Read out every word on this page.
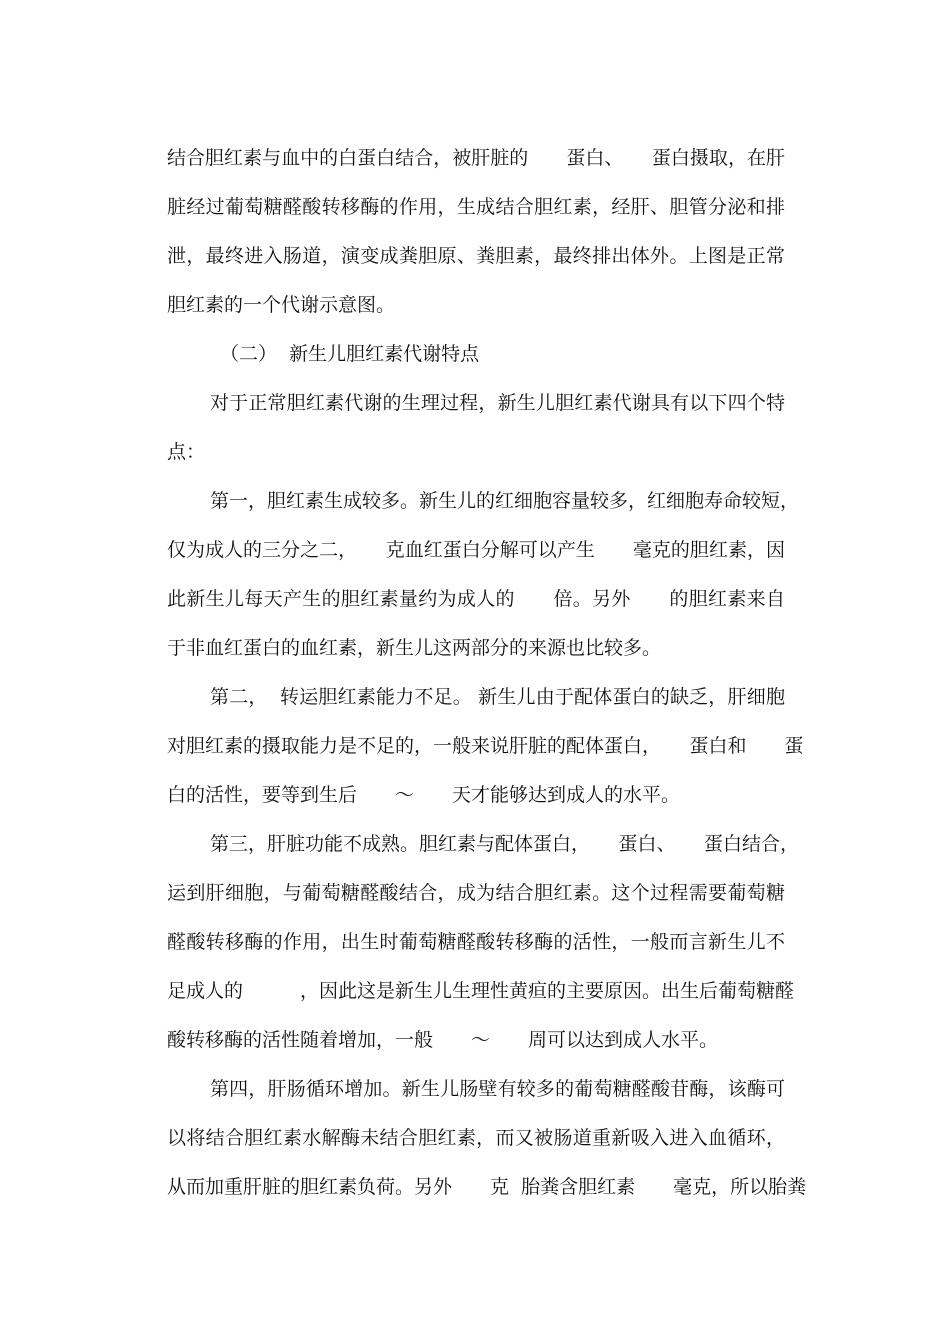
结合胆红素与血中的白蛋白结合，被肝脏的　　蛋白、　　蛋白摄取，在肝
脏经过葡萄糖醛酸转移酶的作用，生成结合胆红素，经肝、胆管分泌和排
泄，最终进入肠道，演变成粪胆原、粪胆素，最终排出体外。上图是正常
胆红素的一个代谢示意图。
（二）  新生儿胆红素代谢特点
对于正常胆红素代谢的生理过程，新生儿胆红素代谢具有以下四个特
点：
第一，胆红素生成较多。新生儿的红细胞容量较多，红细胞寿命较短，
仅为成人的三分之二，　　克血红蛋白分解可以产生　　毫克的胆红素，因
此新生儿每天产生的胆红素量约为成人的　　倍。另外　　的胆红素来自
于非血红蛋白的血红素，新生儿这两部分的来源也比较多。
第二，  转运胆红素能力不足。 新生儿由于配体蛋白的缺乏，肝细胞
对胆红素的摄取能力是不足的，一般来说肝脏的配体蛋白，　　蛋白和　　蛋
白的活性，要等到生后　　～　　天才能够达到成人的水平。
第三，肝脏功能不成熟。胆红素与配体蛋白，　　蛋白、　　蛋白结合，
运到肝细胞，与葡萄糖醛酸结合，成为结合胆红素。这个过程需要葡萄糖
醛酸转移酶的作用，出生时葡萄糖醛酸转移酶的活性，一般而言新生儿不
足成人的　　　，因此这是新生儿生理性黄疸的主要原因。出生后葡萄糖醛
酸转移酶的活性随着增加，一般　　～　　周可以达到成人水平。
第四，肝肠循环增加。新生儿肠壁有较多的葡萄糖醛酸苷酶，该酶可
以将结合胆红素水解酶未结合胆红素，而又被肠道重新吸入进入血循环，
从而加重肝脏的胆红素负荷。另外　　克  胎粪含胆红素　　毫克，所以胎粪
